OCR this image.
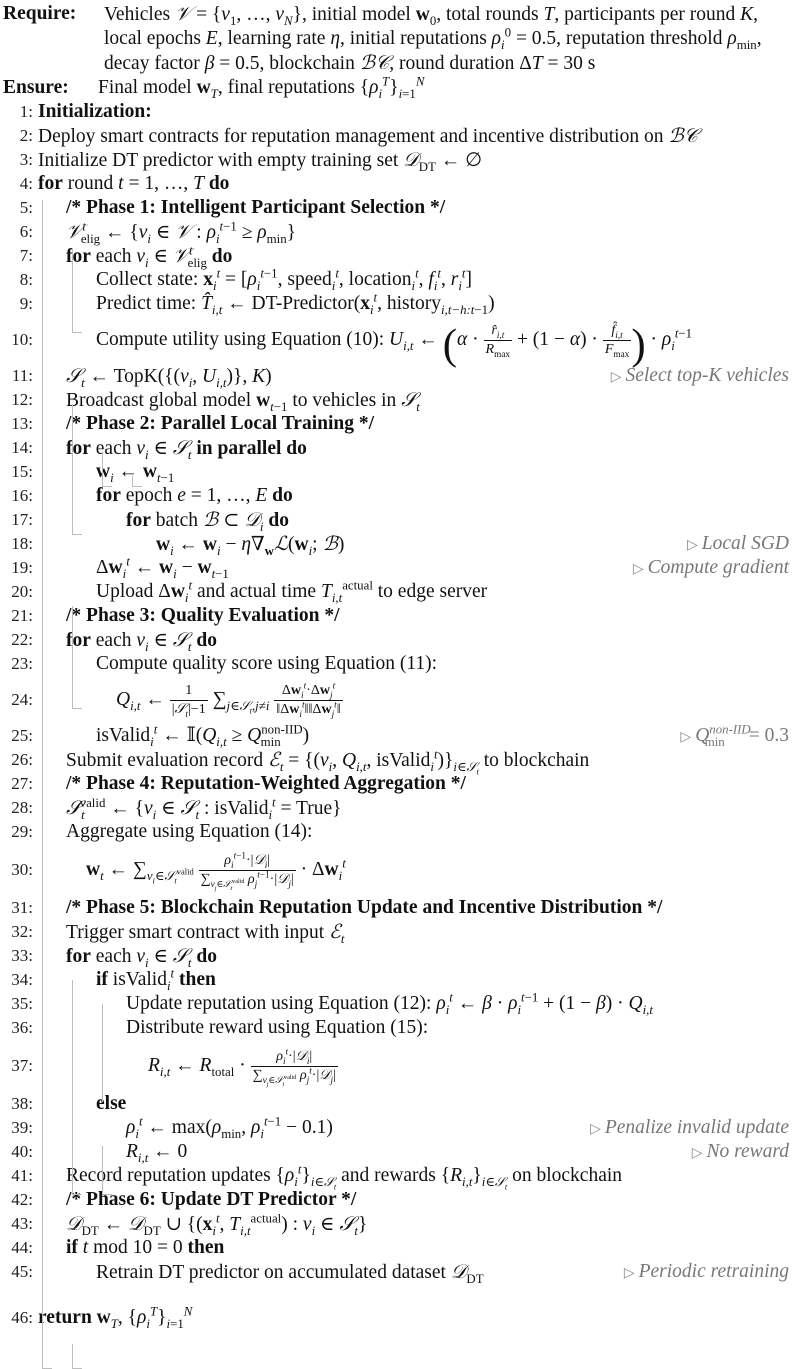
Require: Vehicles 𝒱 = {$v_1$, …, $v_N$}, initial model $w_0$, total rounds T, participants per round K, local epochs E, learning rate η, initial reputations $\rho_i^0 = 0.5$, reputation threshold $\rho_{min}$, decay factor β = 0.5, blockchain ℬ𝒞, round duration ΔT = 30 s
Ensure: Final model $w_T$, final reputations $\{\rho_i^T\}_{i=1}^N$
1: Initialization:
2: Deploy smart contracts for reputation management and incentive distribution on ℬ𝒞
3: Initialize DT predictor with empty training set 𝒟$_{DT}$ ← ∅
4: for round t = 1, …, T do
5: /* Phase 1: Intelligent Participant Selection */
6: 𝒱$^t_{elig}$ ← {$v_i$ ∈ 𝒱 : $\rho_i^{t-1} \ge \rho_{min}$}
7: for each $v_i$ ∈ 𝒱$^t_{elig}$ do
8:	Collect state: $x_i^t = [\rho_i^{t-1}$, speed$_i^t$, location$_i^t$, $f_i^t$, $r_i^t$]
9:	Predict time: $T̂_{i,t}$ ← $DT-Predictor(x_i^t$, history$_{i,t-h:t-1}$)
10:	Compute utility using Equation (10): $U_{i,t}$ ← ($\alpha \cdot \frac{r̂_{i,t}}{R_{max}} + (1 - \alpha) \cdot \frac{f̂_{i,t}}{F_{max}}$ ) · $\rho_i^{t-1}$
11: 𝒮$_t$ ← $TopK(\{(v_i$, $U_{i,t}$)}, K)	▷ Select top-K vehicles
12: Broadcast global model $w_{t-1}$ to vehicles in 𝒮$_t$
13: /* Phase 2: Parallel Local Training */
14: for each $v_i$ ∈ 𝒮$_t$ in parallel do
15:	$w_i$ ← $w_{t-1}$
16:	for epoch e = 1, …, E do
17:	for batch ℬ ⊂ 𝒟$_i$ do
18:	$w_i$ ← $w_i$ − $\eta\nabla_wℒ(w_i$; ℬ)	▷ Local SGD
19:	$\Delta w_i^t$ ← $w_i - w_{t-1}$	▷ Compute gradient
20:	Upload $\Delta w_i^t$ and actual time $T_{i,t}^{actual}$ to edge server
21: /* Phase 3: Quality Evaluation */
22: for each $v_i$ ∈ 𝒮$_t$ do
23:	Compute quality score using Equation (11):
24:	$Q_{i,t}$ ← $\frac{1}{|𝒮_t|-1} \sum_{j\in 𝒮_t,j\ne i} \frac{\Delta w_i^t\cdot\Delta w_j^t}{‖\Delta w_i^t‖‖\Delta w_j^t‖}$
25:	isValid$_i^t$ ← $𝕀(Q_{i,t} \ge Q^{non-IID}_{min}$ )	▷ $Q^{non-IID}_{min} = 0.3$
26: Submit evaluation record ℰ$_t$ = {($v_i$, $Q_{i,t}$, $isValid_i^t)\}_{i\in 𝒮_t}$ to blockchain
27: /* Phase 4: Reputation-Weighted Aggregation */
28: 𝒮$_t^{valid}$ ← {$v_i$ ∈ 𝒮$_t$ : isValid$_i^t$ = True}
29: Aggregate using Equation (14):
30:	$w_t$ ← $\sum_{v_i\in 𝒮_t^{valid}} \frac{\rho_i^{t-1}\cdot|𝒟_i|}{\sum_{v_j\in 𝒮_t^{valid}} \rho_j^{t-1}\cdot|𝒟_j|} \cdot \Delta w_i^t$
31: /* Phase 5: Blockchain Reputation Update and Incentive Distribution */
32: Trigger smart contract with input ℰ$_t$
33: for each $v_i$ ∈ 𝒮$_t$ do
34:	if isValid$_i^t$ then
35:	Update reputation using Equation (12): $\rho_i^t$ ← $\beta \cdot \rho_i^{t-1} + (1 - \beta) \cdot Q_{i,t}$
36:	Distribute reward using Equation (15):
37:	$R_{i,t}$ ← $R_{total} \cdot \frac{\rho_i^t\cdot|𝒟_i|}{\sum_{v_j\in 𝒮_t^{valid}} \rho_j^t\cdot|𝒟_j|}$
38:	else
39:	$\rho_i^t$ ← $\max(\rho_{min}$, $\rho_i^{t-1} - 0.1$)	▷ Penalize invalid update
40:	$R_{i,t}$ ← 0	▷ No reward
41: Record reputation updates $\{\rho_i^t\}_{i\in 𝒮_t}$ and rewards $\{R_{i,t}\}_{i\in 𝒮_t}$ on blockchain
42: /* Phase 6: Update DT Predictor */
43: 𝒟$_{DT}$ ← 𝒟$_{DT}$ ∪ {($x_i^t$, $T_{i,t}^{actual}$) : $v_i$ ∈ 𝒮$_t$}
44: if t mod 10 = 0 then
45:	Retrain DT predictor on accumulated dataset 𝒟$_{DT}$	▷ Periodic retraining
46: return $w_T$, $\{\rho_i^T\}_{i=1}^N$
